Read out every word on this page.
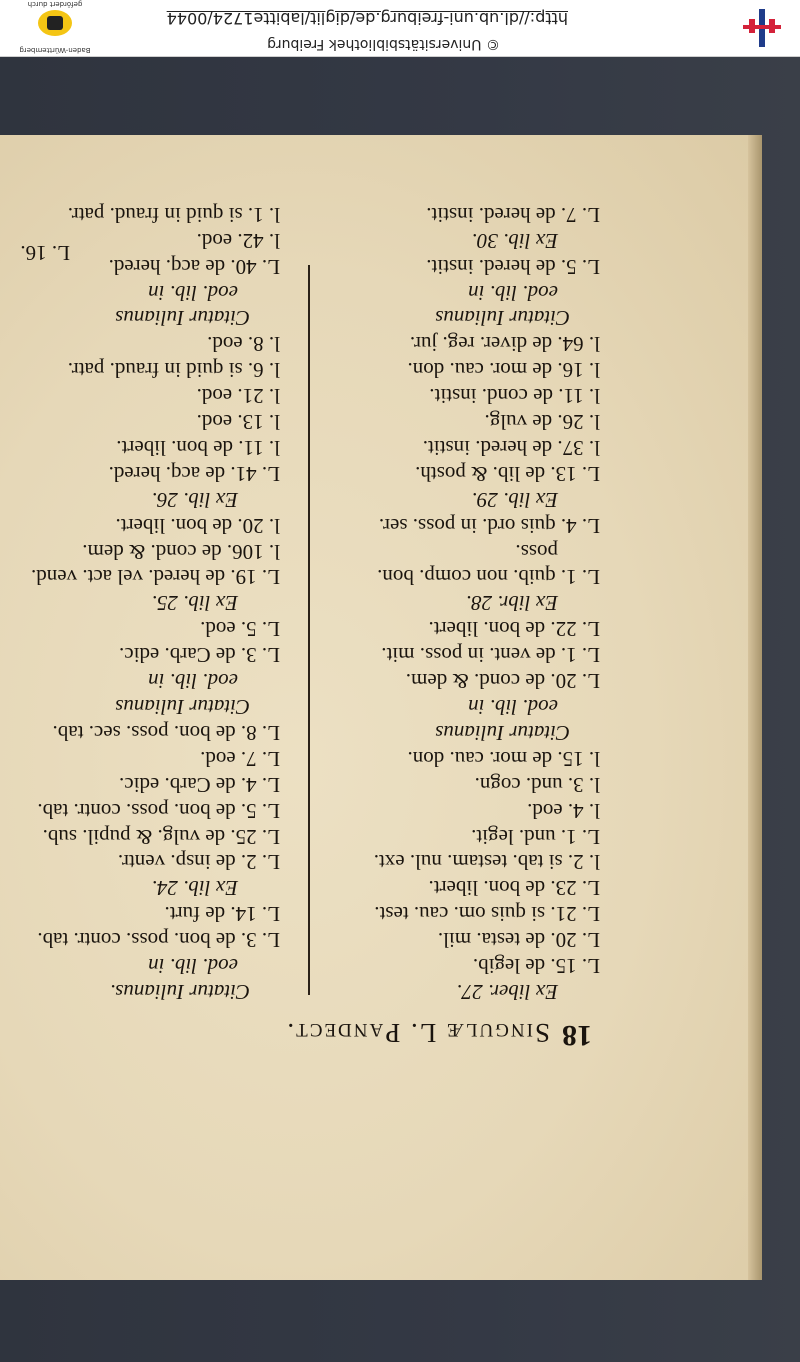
18
Singulæ L. Pandect.
Ex liber. 27.
L. 15. de legib.
L. 20. de testa. mil.
L. 21. si quis om. cau. test.
L. 23. de bon. libert.
l. 2. si tab. testam. nul. ext.
L. 1. und. legit.
l. 4. eod.
l. 3. und. cogn.
l. 15. de mor. cau. don.
Citatur Iulianus
eod. lib. in
L. 20. de cond. & dem.
L. 1. de vent. in poss. mit.
L. 22. de bon. libert.
Ex libr. 28.
L. 1. quib. non comp. bon.
poss.
L. 4. quis ord. in poss. ser.
Ex lib. 29.
L. 13. de lib. & posth.
l. 37. de hered. instit.
l. 26. de vulg.
l. 11. de cond. instit.
l. 16. de mor. cau. don.
l. 64. de diver. reg. jur.
Citatur Iulianus
eod. lib. in
L. 5. de hered. instit.
Ex lib. 30.
L. 7. de hered. instit.
Citatur Iulianus.
eod. lib. in
L. 3. de bon. poss. contr. tab.
L. 14. de furt.
Ex lib. 24.
L. 2. de insp. ventr.
L. 25. de vulg. & pupil. sub.
L. 5. de bon. poss. contr. tab.
L. 4. de Carb. edic.
L. 7. eod.
L. 8. de bon. poss. sec. tab.
Citatur Iulianus
eod. lib. in
L. 3. de Carb. edic.
L. 5. eod.
Ex lib. 25.
L. 19. de hered. vel act. vend.
l. 106. de cond. & dem.
l. 20. de bon. libert.
Ex lib. 26.
L. 41. de acq. hered.
l. 11. de bon. libert.
l. 13. eod.
l. 21. eod.
l. 6. si quid in fraud. patr.
l. 8. eod.
Citatur Iulianus
eod. lib. in
L. 40. de acq. hered.
l. 42. eod.
l. 1. si quid in fraud. patr.
L. 16.
http://dl.ub.uni-freiburg.de/diglit/labitte1724/0044
© Universitätsbibliothek Freiburg
Baden-Württemberg
gefördert durch
